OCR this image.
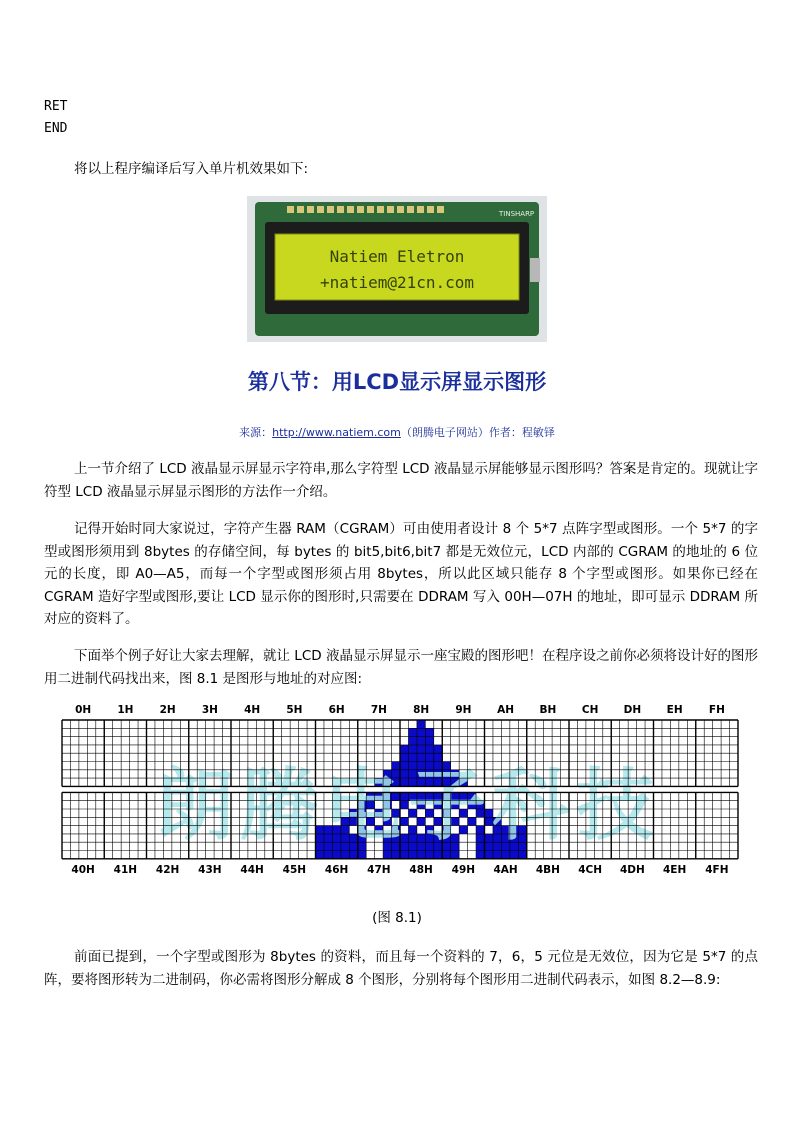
RET
END
将以上程序编译后写入单片机效果如下:
TINSHARP
Natiem Eletron
+natiem@21cn.com
第八节：用LCD显示屏显示图形
来源：http://www.natiem.com（朗腾电子网站）作者：程敏铎
上一节介绍了 LCD 液晶显示屏显示字符串,那么字符型 LCD 液晶显示屏能够显示图形吗？答案是肯定的。现就让字符型 LCD 液晶显示屏显示图形的方法作一介绍。
记得开始时同大家说过，字符产生器 RAM（CGRAM）可由使用者设计 8 个 5*7 点阵字型或图形。一个 5*7 的字型或图形须用到 8bytes 的存储空间，每 bytes 的 bit5,bit6,bit7 都是无效位元，LCD 内部的 CGRAM 的地址的 6 位元的长度，即 A0—A5，而每一个字型或图形须占用 8bytes，所以此区域只能存 8 个字型或图形。如果你已经在 CGRAM 造好字型或图形,要让 LCD 显示你的图形时,只需要在 DDRAM 写入 00H—07H 的地址，即可显示 DDRAM 所对应的资料了。
下面举个例子好让大家去理解，就让 LCD 液晶显示屏显示一座宝殿的图形吧！在程序设之前你必须将设计好的图形用二进制代码找出来，图 8.1 是图形与地址的对应图:
朗腾电子科技
0H 1H 2H 3H 4H 5H 6H 7H 8H 9H AH BH CH DH EH	FH
40H 41H 42H 43H 44H 45H 46H 47H 48H 49H 4AH 4BH 4CH 4DH 4EH 4FH
(图 8.1)
前面已提到，一个字型或图形为 8bytes 的资料，而且每一个资料的 7，6，5 元位是无效位，因为它是 5*7 的点阵，要将图形转为二进制码，你必需将图形分解成 8 个图形，分别将每个图形用二进制代码表示，如图 8.2—8.9:
